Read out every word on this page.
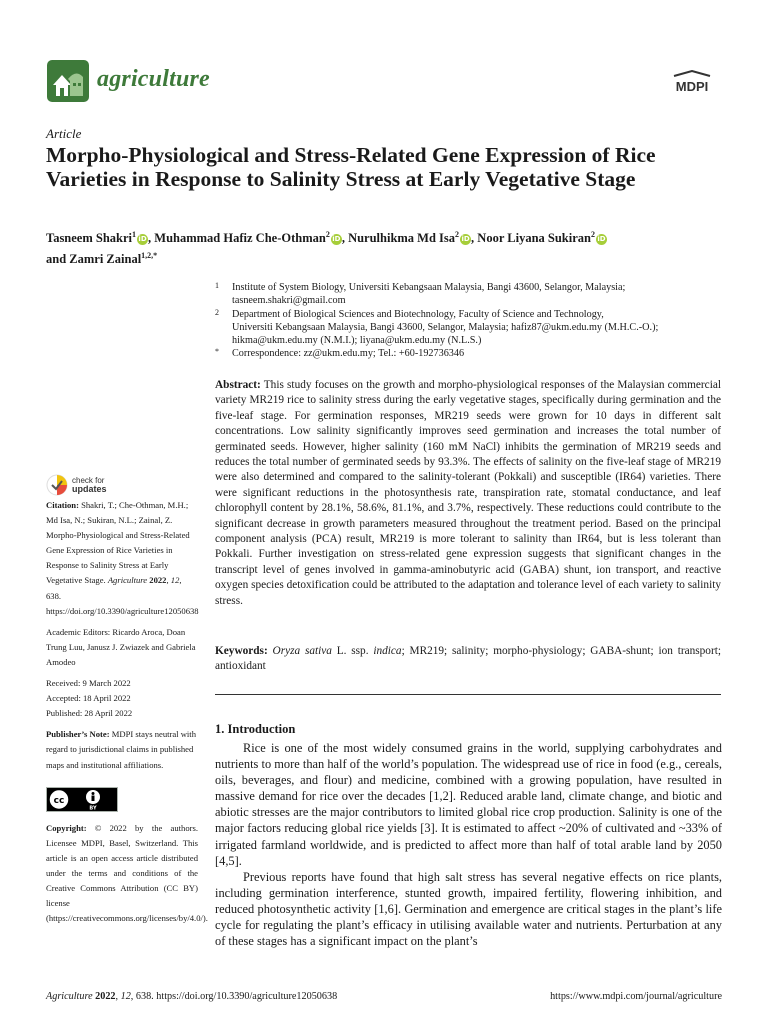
agriculture	MDPI
Article
Morpho-Physiological and Stress-Related Gene Expression of Rice Varieties in Response to Salinity Stress at Early Vegetative Stage
Tasneem Shakri$^1$iD, Muhammad Hafiz Che-Othman$^2$iD, Nurulhikma Md Isa$^2$iD, Noor Liyana Sukiran$^2$iD
and Zamri Zainal$^{1,2,*}$
1 Institute of System Biology, Universiti Kebangsaan Malaysia, Bangi 43600, Selangor, Malaysia;
tasneem.shakri@gmail.com
2 Department of Biological Sciences and Biotechnology, Faculty of Science and Technology,
Universiti Kebangsaan Malaysia, Bangi 43600, Selangor, Malaysia; hafiz87@ukm.edu.my (M.H.C.-O.);
hikma@ukm.edu.my (N.M.I.); liyana@ukm.edu.my (N.L.S.)
* Correspondence: zz@ukm.edu.my; Tel.: +60-192736346
Abstract: This study focuses on the growth and morpho-physiological responses of the Malaysian commercial variety MR219 rice to salinity stress during the early vegetative stages, specifically during germination and the five-leaf stage. For germination responses, MR219 seeds were grown for 10 days in different salt concentrations. Low salinity significantly improves seed germination and increases the total number of germinated seeds. However, higher salinity (160 mM NaCl) inhibits the germination of MR219 seeds and reduces the total number of germinated seeds by 93.3%. The effects of salinity on the five-leaf stage of MR219 were also determined and compared to the salinity-tolerant (Pokkali) and susceptible (IR64) varieties. There were significant reductions in the photosynthesis rate, transpiration rate, stomatal conductance, and leaf chlorophyll content by 28.1%, 58.6%, 81.1%, and 3.7%, respectively. These reductions could contribute to the significant decrease in growth parameters measured throughout the treatment period. Based on the principal component analysis (PCA) result, MR219 is more tolerant to salinity than IR64, but is less tolerant than Pokkali. Further investigation on stress-related gene expression suggests that significant changes in the transcript level of genes involved in gamma-aminobutyric acid (GABA) shunt, ion transport, and reactive oxygen species detoxification could be attributed to the adaptation and tolerance level of each variety to salinity stress.
Keywords: Oryza sativa L. ssp. indica; MR219; salinity; morpho-physiology; GABA-shunt; ion transport; antioxidant
1. Introduction

Rice is one of the most widely consumed grains in the world, supplying carbohydrates and nutrients to more than half of the world’s population. The widespread use of rice in food (e.g., cereals, oils, beverages, and flour) and medicine, combined with a growing population, have resulted in massive demand for rice over the decades [1,2]. Reduced arable land, climate change, and biotic and abiotic stresses are the major contributors to limited global rice crop production. Salinity is one of the major factors reducing global rice yields [3]. It is estimated to affect ~20% of cultivated and ~33% of irrigated farmland worldwide, and is predicted to affect more than half of total arable land by 2050 [4,5].

Previous reports have found that high salt stress has several negative effects on rice plants, including germination interference, stunted growth, impaired fertility, flowering inhibition, and reduced photosynthetic activity [1,6]. Germination and emergence are critical stages in the plant’s life cycle for regulating the plant’s efficacy in utilising available water and nutrients. Perturbation at any of these stages has a significant impact on the plant’s

check for
updates
Citation: Shakri, T.; Che-Othman, M.H.; Md Isa, N.; Sukiran, N.L.; Zainal, Z. Morpho-Physiological and Stress-Related Gene Expression of Rice Varieties in Response to Salinity Stress at Early Vegetative Stage. Agriculture 2022, 12, 638. https://doi.org/10.3390/agriculture12050638
Academic Editors: Ricardo Aroca, Doan Trung Luu, Janusz J. Zwiazek and Gabriela Amodeo
Received: 9 March 2022
Accepted: 18 April 2022
Published: 28 April 2022
Publisher’s Note: MDPI stays neutral with regard to jurisdictional claims in published maps and institutional affiliations.
cc
BY
Copyright: © 2022 by the authors. Licensee MDPI, Basel, Switzerland. This article is an open access article distributed under the terms and conditions of the Creative Commons Attribution (CC BY) license (https://creativecommons.org/licenses/by/4.0/).
Agriculture 2022, 12, 638. https://doi.org/10.3390/agriculture12050638	https://www.mdpi.com/journal/agriculture
